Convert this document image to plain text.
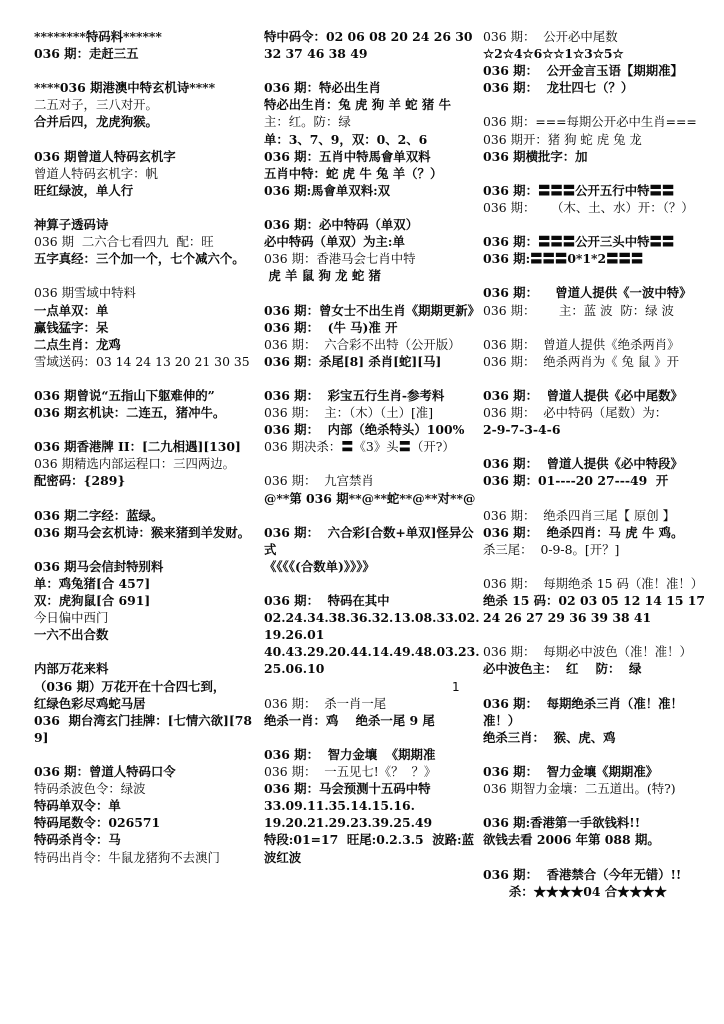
********特码料******
036 期：走赶三五
****036 期港澳中特玄机诗****
二五对子，三八对开。
合并后四，龙虎狗猴。
036 期曾道人特码玄机字
曾道人特码玄机字：帆
旺红绿波，单人行
神算子透码诗
036 期  二六合七看四九  配：旺
五字真经：三个加一个，七个减六个。
036 期雪域中特料
一点单双：单
赢钱猛字：呆
二点生肖：龙鸡
雪域送码：03 14 24 13 20 21 30 35
036 期曾说“五指山下躯难伸的”
036 期玄机诀：二连五，猪冲牛。
036 期香港牌 II：[二九相遇][130]
036 期精选内部运程口：三四两边。
配密码：{289}
036 期二字经：蓝绿。
036 期马会玄机诗：猴来猪到羊发财。
036 期马会信封特别料
单：鸡兔猪[合 457]
双：虎狗鼠[合 691]
今日偏中西门
一六不出合数
内部万花来料
（036 期）万花开在十合四七到，
红绿色彩尽鸡蛇马居
036  期台湾玄门挂牌：[七情六欲][789]
036 期：曾道人特码口令
特码杀波色令：绿波
特码单双令：单
特码尾数令：026571
特码杀肖令：马
特码出肖令：牛鼠龙猪狗不去澳门
特中码令：02 06 08 20 24 26 30 32 37 46 38 49
036 期：特必出生肖
特必出生肖：兔 虎 狗 羊 蛇 猪 牛
主：红。防：绿
单：3、7、9，双：0、2、6
036 期：五肖中特馬會单双料
五肖中特：蛇 虎 牛 兔 羊（？）
036 期:馬會单双料:双
036 期：必中特码（单双）
必中特码（单双）为主:单
036 期：香港马会七肖中特
虎 羊 鼠 狗 龙 蛇 猪
036 期：曾女士不出生肖《期期更新》
036 期：  (牛 马)准 开
036 期：  六合彩不出特（公开版）
036 期：杀尾[8] 杀肖[蛇][马]
036 期：  彩宝五行生肖-参考料
036 期：  主：（木）（土）[准]
036 期：  内部（绝杀特头）100%
036 期决杀：〓《3》头〓（开?）
036 期：  九宫禁肖
@**第 036 期**@**蛇**@**对**@
036 期：  六合彩[合数+单双]怪异公式
《《《《(合数单)》》》》
036 期：  特码在其中
02.24.34.38.36.32.13.08.33.02.19.26.01
40.43.29.20.44.14.49.48.03.23.25.06.10
036 期：  杀一肖一尾
绝杀一肖：鸡    绝杀一尾 9 尾
036 期：  智力金壤  《期期准
036 期：  一五见七!《？  ？》
036 期：马会预测十五码中特
33.09.11.35.14.15.16.
19.20.21.29.23.39.25.49
特段:01=17  旺尾:0.2.3.5  波路:蓝波红波
036 期：  公开必中尾数
☆2☆4☆6☆☆1☆3☆5☆
036 期：  公开金言玉语【期期准】
036 期：  龙壮四七（？）
036 期：===每期公开必中生肖===
036 期开：猪 狗 蛇 虎 兔 龙
036 期横批字：加
036 期：〓〓〓公开五行中特〓〓
036 期：    （木、土、水）开：（？）
036 期：〓〓〓公开三头中特〓〓
036 期:〓〓〓0*1*2〓〓〓
036 期：    曾道人提供《一波中特》
036 期：      主：蓝 波  防：绿 波
036 期：  曾道人提供《绝杀两肖》
036 期：  绝杀两肖为《 兔 鼠 》开
036 期：  曾道人提供《必中尾数》
036 期：  必中特码（尾数）为：
2-9-7-3-4-6
036 期：  曾道人提供《必中特段》
036 期：01----20 27---49  开
036 期：  绝杀四肖三尾【 原创 】
036 期：  绝杀四肖：马 虎 牛 鸡。
杀三尾：  0-9-8。[开？]
036 期：  每期绝杀 15 码（准！准！）
绝杀 15 码：02 03 05 12 14 15 17 24 26 27 29 36 39 38 41
036 期：  每期必中波色（准！准！）
必中波色主：  红    防：  绿
036 期：  每期绝杀三肖（准！准！准！）
绝杀三肖：  猴、虎、鸡
036 期：  智力金壤《期期准》
036 期智力金壤：二五道出。(特?)
036 期:香港第一手欲钱料!!
欲钱去看 2006 年第 088 期。
036 期：  香港禁合（今年无错）!!
杀：★★★★04 合★★★★
1
